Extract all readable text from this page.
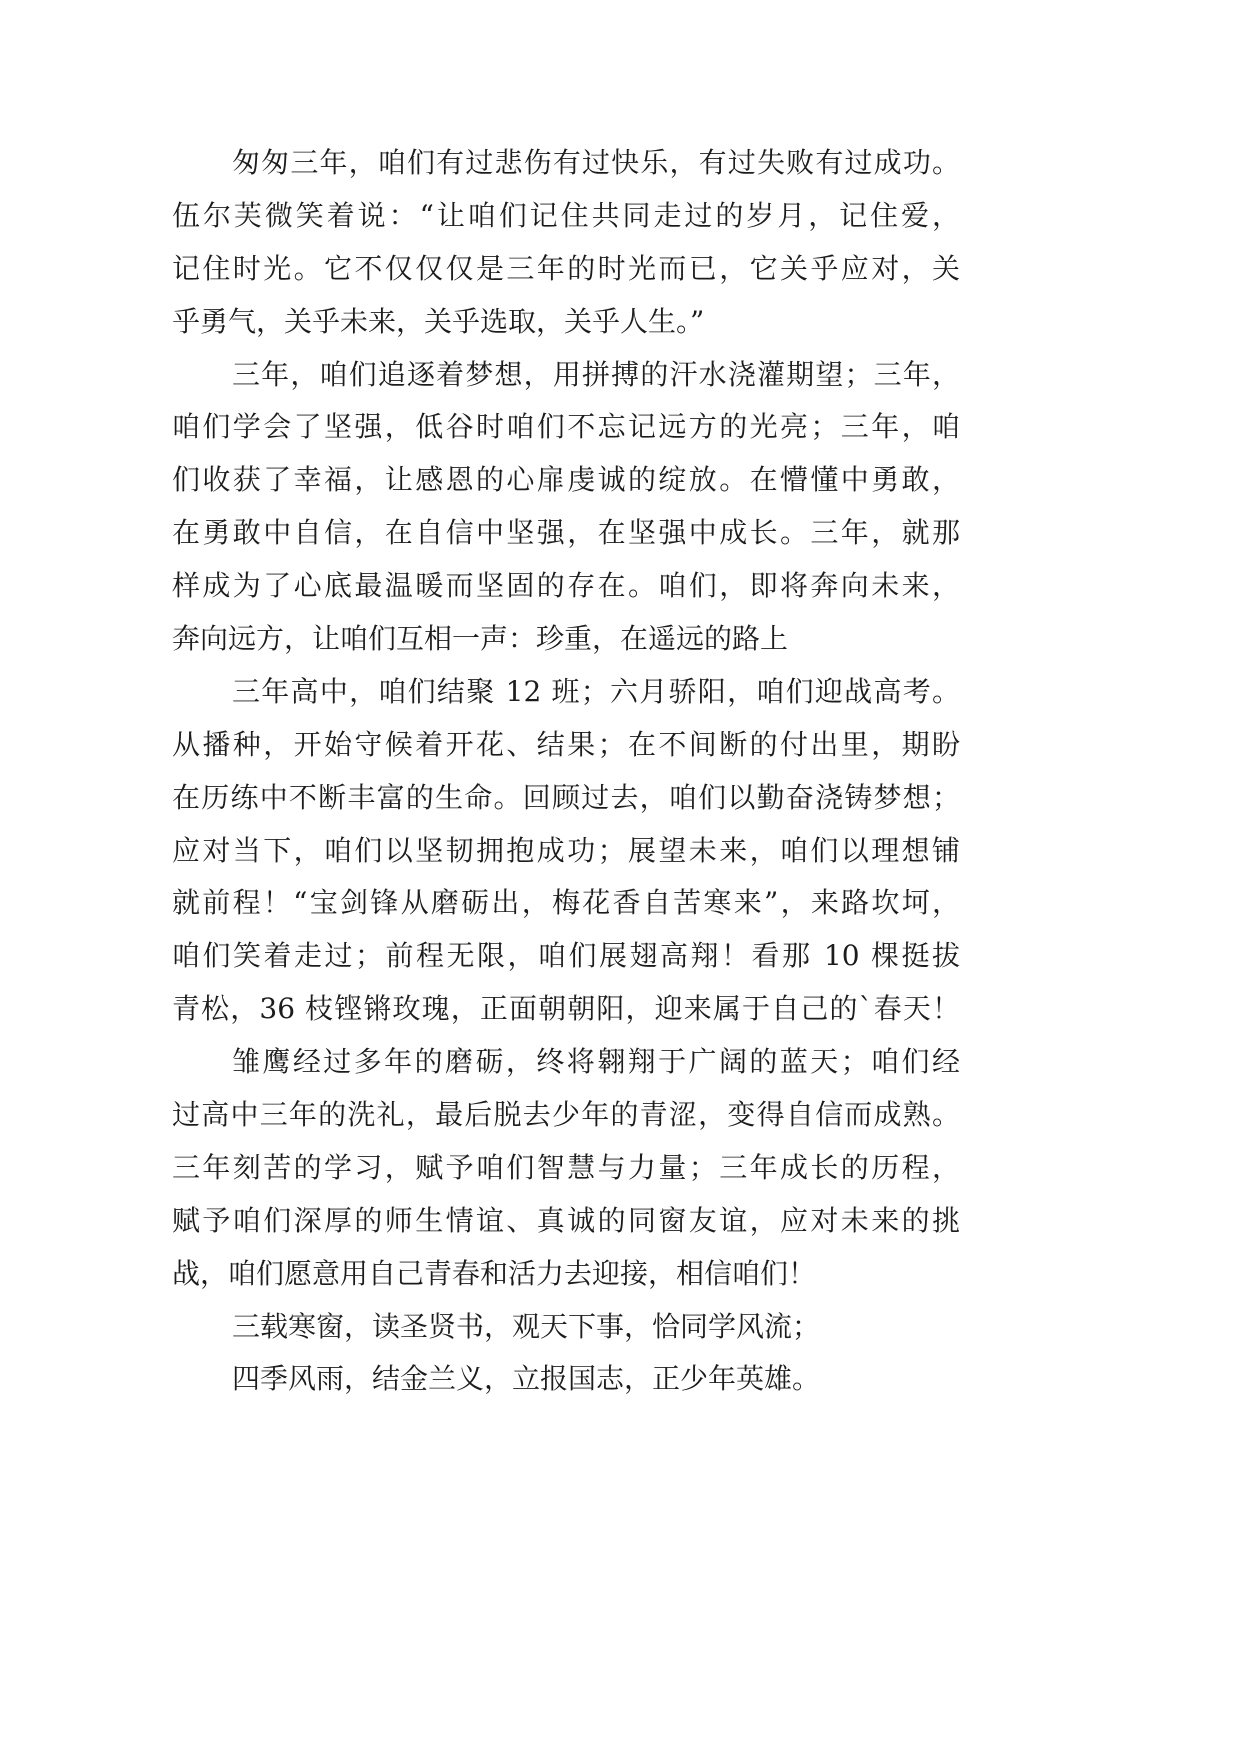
匆匆三年，咱们有过悲伤有过快乐，有过失败有过成功。
伍尔芙微笑着说：“让咱们记住共同走过的岁月，记住爱，
记住时光。它不仅仅仅是三年的时光而已，它关乎应对，关
乎勇气，关乎未来，关乎选取，关乎人生。”
三年，咱们追逐着梦想，用拼搏的汗水浇灌期望；三年，
咱们学会了坚强，低谷时咱们不忘记远方的光亮；三年，咱
们收获了幸福，让感恩的心扉虔诚的绽放。在懵懂中勇敢，
在勇敢中自信，在自信中坚强，在坚强中成长。三年，就那
样成为了心底最温暖而坚固的存在。咱们，即将奔向未来，
奔向远方，让咱们互相一声：珍重，在遥远的路上
三年高中，咱们结聚 12 班；六月骄阳，咱们迎战高考。
从播种，开始守候着开花、结果；在不间断的付出里，期盼
在历练中不断丰富的生命。回顾过去，咱们以勤奋浇铸梦想；
应对当下，咱们以坚韧拥抱成功；展望未来，咱们以理想铺
就前程！“宝剑锋从磨砺出，梅花香自苦寒来”，来路坎坷，
咱们笑着走过；前程无限，咱们展翅高翔！看那 10 棵挺拔
青松，36 枝铿锵玫瑰，正面朝朝阳，迎来属于自己的`春天！
雏鹰经过多年的磨砺，终将翱翔于广阔的蓝天；咱们经
过高中三年的洗礼，最后脱去少年的青涩，变得自信而成熟。
三年刻苦的学习，赋予咱们智慧与力量；三年成长的历程，
赋予咱们深厚的师生情谊、真诚的同窗友谊，应对未来的挑
战，咱们愿意用自己青春和活力去迎接，相信咱们！
三载寒窗，读圣贤书，观天下事，恰同学风流；
四季风雨，结金兰义，立报国志，正少年英雄。
